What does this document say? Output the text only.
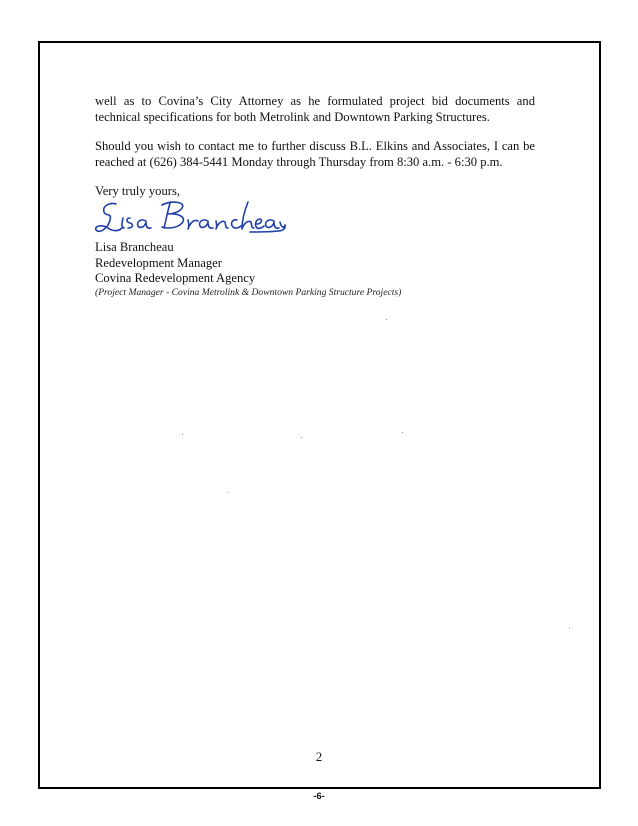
well as to Covina’s City Attorney as he formulated project bid documents and technical specifications for both Metrolink and Downtown Parking Structures.

Should you wish to contact me to further discuss B.L. Elkins and Associates, I can be reached at (626) 384-5441 Monday through Thursday from 8:30 a.m. - 6:30 p.m.

Very truly yours,

Lisa Brancheau

Redevelopment Manager

Covina Redevelopment Agency

(Project Manager - Covina Metrolink & Downtown Parking Structure Projects)

2
-6-
